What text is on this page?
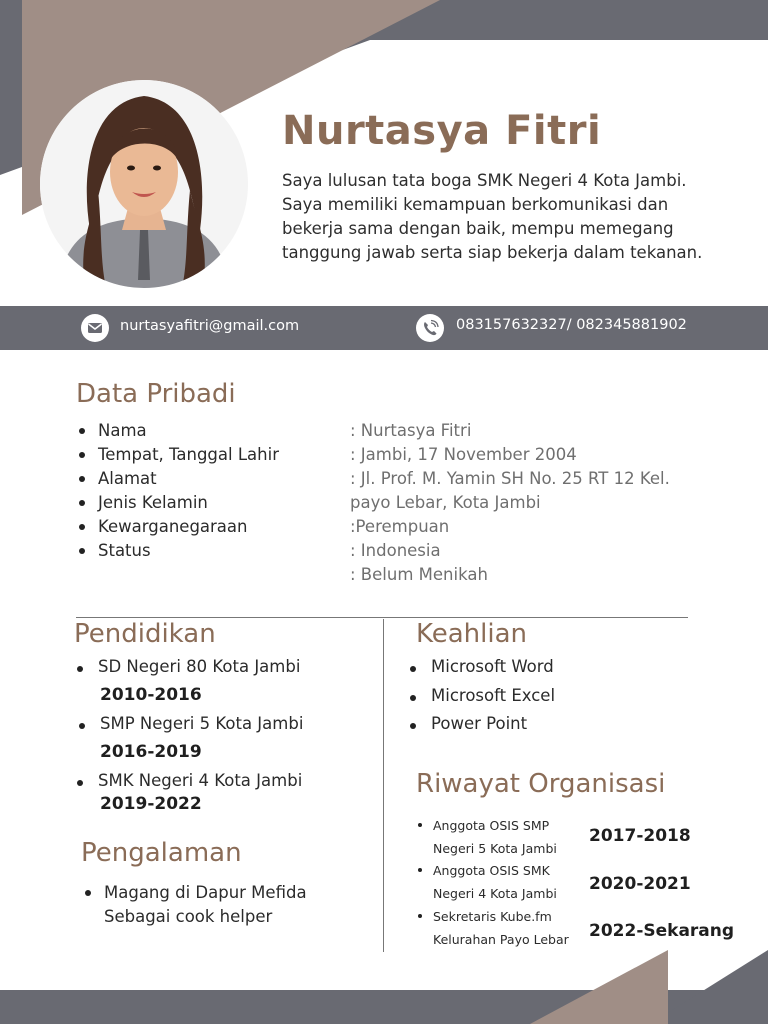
Nurtasya Fitri

Saya lulusan tata boga SMK Negeri 4 Kota Jambi. Saya memiliki kemampuan berkomunikasi dan bekerja sama dengan baik, mempu memegang tanggung jawab serta siap bekerja dalam tekanan.

nurtasyafitri@gmail.com	083157632327/ 082345881902
Data Pribadi
Nama
Tempat, Tanggal Lahir
Alamat
Jenis Kelamin
Kewarganegaraan
Status
: Nurtasya Fitri
: Jambi, 17 November 2004
: Jl. Prof. M. Yamin SH No. 25 RT 12 Kel.
payo Lebar, Kota Jambi
:Perempuan
: Indonesia
: Belum Menikah
Pendidikan
SD Negeri 80 Kota Jambi
2010-2016
SMP Negeri 5 Kota Jambi
2016-2019
SMK Negeri 4 Kota Jambi
2019-2022
Pengalaman
Magang di Dapur Mefida
Sebagai cook helper
Keahlian
Microsoft Word
Microsoft Excel
Power Point
Riwayat Organisasi
Anggota OSIS SMP
Negeri 5 Kota Jambi
2017-2018
Anggota OSIS SMK
Negeri 4 Kota Jambi 2020-2021
Sekretaris Kube.fm
Kelurahan Payo Lebar 2022-Sekarang
